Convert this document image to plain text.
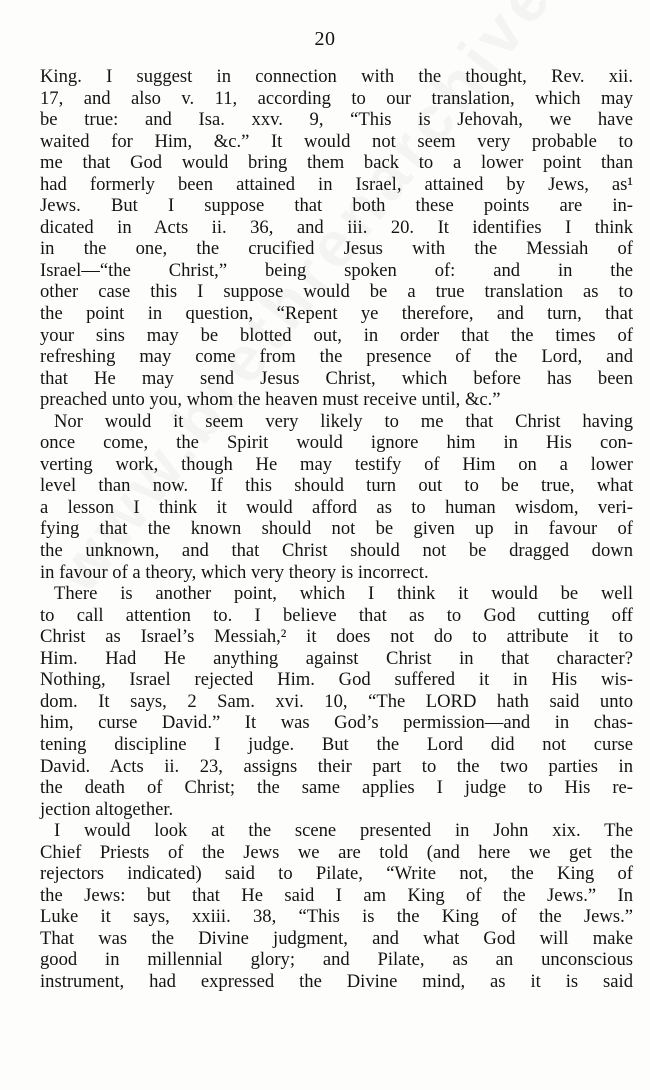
20
King. I suggest in connection with the thought, Rev. xii.
17, and also v. 11, according to our translation, which may
be true: and Isa. xxv. 9, “This is Jehovah, we have
waited for Him, &c.” It would not seem very probable to
me that God would bring them back to a lower point than
had formerly been attained in Israel, attained by Jews, as¹
Jews. But I suppose that both these points are in-
dicated in Acts ii. 36, and iii. 20. It identifies I think
in the one, the crucified Jesus with the Messiah of
Israel—“the Christ,” being spoken of: and in the
other case this I suppose would be a true translation as to
the point in question, “Repent ye therefore, and turn, that
your sins may be blotted out, in order that the times of
refreshing may come from the presence of the Lord, and
that He may send Jesus Christ, which before has been
preached unto you, whom the heaven must receive until, &c.”
Nor would it seem very likely to me that Christ having
once come, the Spirit would ignore him in His con-
verting work, though He may testify of Him on a lower
level than now. If this should turn out to be true, what
a lesson I think it would afford as to human wisdom, veri-
fying that the known should not be given up in favour of
the unknown, and that Christ should not be dragged down
in favour of a theory, which very theory is incorrect.
There is another point, which I think it would be well
to call attention to. I believe that as to God cutting off
Christ as Israel’s Messiah,² it does not do to attribute it to
Him. Had He anything against Christ in that character?
Nothing, Israel rejected Him. God suffered it in His wis-
dom. It says, 2 Sam. xvi. 10, “The LORD hath said unto
him, curse David.” It was God’s permission—and in chas-
tening discipline I judge. But the Lord did not curse
David. Acts ii. 23, assigns their part to the two parties in
the death of Christ; the same applies I judge to His re-
jection altogether.
I would look at the scene presented in John xix. The
Chief Priests of the Jews we are told (and here we get the
rejectors indicated) said to Pilate, “Write not, the King of
the Jews: but that He said I am King of the Jews.” In
Luke it says, xxiii. 38, “This is the King of the Jews.”
That was the Divine judgment, and what God will make
good in millennial glory; and Pilate, as an unconscious
instrument, had expressed the Divine mind, as it is said
